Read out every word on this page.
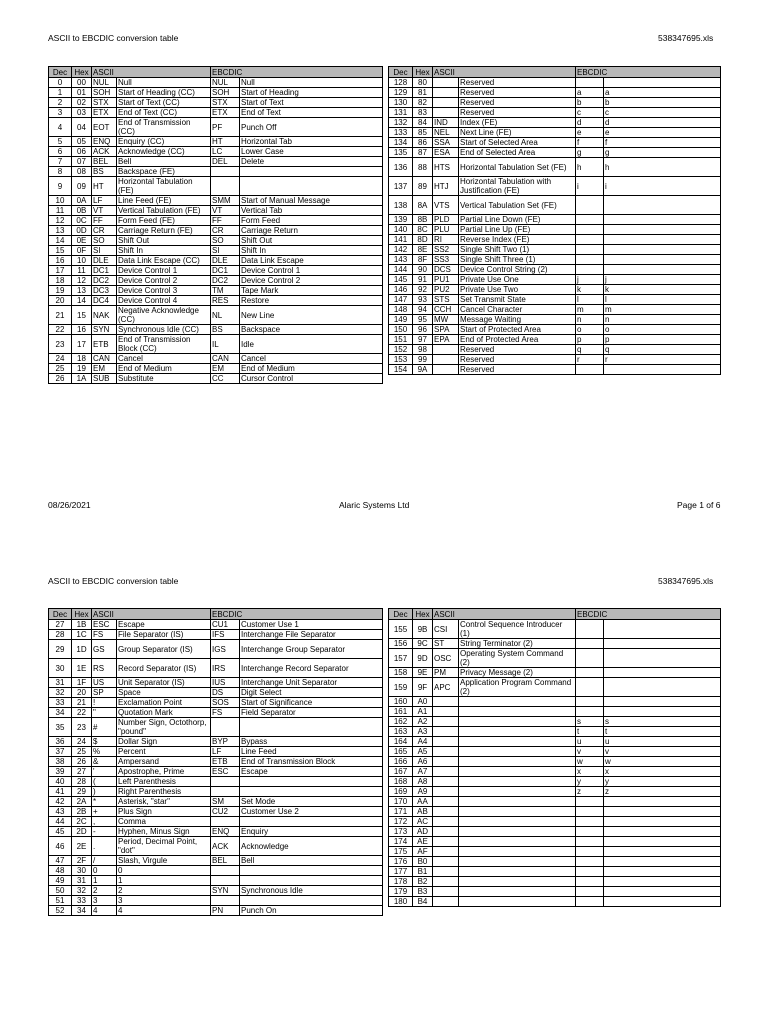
ASCII to EBCDIC conversion table	538347695.xls
Dec	Hex	ASCII		EBCDIC	
0	00	NUL	Null	NUL	Null
1	01	SOH	Start of Heading (CC)	SOH	Start of Heading
2	02	STX	Start of Text (CC)	STX	Start of Text
3	03	ETX	End of Text (CC)	ETX	End of Text
4	04	EOT	End of Transmission (CC)	PF	Punch Off
5	05	ENQ	Enquiry (CC)	HT	Horizontal Tab
6	06	ACK	Acknowledge (CC)	LC	Lower Case
7	07	BEL	Bell	DEL	Delete
8	08	BS	Backspace (FE)		
9	09	HT	Horizontal Tabulation (FE)		
10	0A	LF	Line Feed (FE)	SMM	Start of Manual Message
11	0B	VT	Vertical Tabulation (FE)	VT	Vertical Tab
12	0C	FF	Form Feed (FE)	FF	Form Feed
13	0D	CR	Carriage Return (FE)	CR	Carriage Return
14	0E	SO	Shift Out	SO	Shift Out
15	0F	SI	Shift In	SI	Shift In
16	10	DLE	Data Link Escape (CC)	DLE	Data Link Escape
17	11	DC1	Device Control 1	DC1	Device Control 1
18	12	DC2	Device Control 2	DC2	Device Control 2
19	13	DC3	Device Control 3	TM	Tape Mark
20	14	DC4	Device Control 4	RES	Restore
21	15	NAK	Negative Acknowledge (CC)	NL	New Line
22	16	SYN	Synchronous Idle (CC)	BS	Backspace
23	17	ETB	End of Transmission Block (CC)	IL	Idle
24	18	CAN	Cancel	CAN	Cancel
25	19	EM	End of Medium	EM	End of Medium
26	1A	SUB	Substitute	CC	Cursor Control
Dec	Hex	ASCII		EBCDIC	
128	80		Reserved		
129	81		Reserved	a	a
130	82		Reserved	b	b
131	83		Reserved	c	c
132	84	IND	Index (FE)	d	d
133	85	NEL	Next Line (FE)	e	e
134	86	SSA	Start of Selected Area	f	f
135	87	ESA	End of Selected Area	g	g
136	88	HTS	Horizontal Tabulation Set (FE)	h	h
137	89	HTJ	Horizontal Tabulation with Justification (FE)	i	i
138	8A	VTS	Vertical Tabulation Set (FE)		
139	8B	PLD	Partial Line Down (FE)		
140	8C	PLU	Partial Line Up (FE)		
141	8D	RI	Reverse Index (FE)		
142	8E	SS2	Single Shift Two (1)		
143	8F	SS3	Single Shift Three (1)		
144	90	DCS	Device Control String (2)		
145	91	PU1	Private Use One	j	j
146	92	PU2	Private Use Two	k	k
147	93	STS	Set Transmit State	l	l
148	94	CCH	Cancel Character	m	m
149	95	MW	Message Waiting	n	n
150	96	SPA	Start of Protected Area	o	o
151	97	EPA	End of Protected Area	p	p
152	98		Reserved	q	q
153	99		Reserved	r	r
154	9A		Reserved		
08/26/2021	Alaric Systems Ltd	Page 1 of 6
ASCII to EBCDIC conversion table	538347695.xls
Dec	Hex	ASCII		EBCDIC	
27	1B	ESC	Escape	CU1	Customer Use 1
28	1C	FS	File Separator (IS)	IFS	Interchange File Separator
29	1D	GS	Group Separator (IS)	IGS	Interchange Group Separator
30	1E	RS	Record Separator (IS)	IRS	Interchange Record Separator
31	1F	US	Unit Separator (IS)	IUS	Interchange Unit Separator
32	20	SP	Space	DS	Digit Select
33	21	!	Exclamation Point	SOS	Start of Significance
34	22	"	Quotation Mark	FS	Field Separator
35	23	#	Number Sign, Octothorp, "pound"		
36	24	$	Dollar Sign	BYP	Bypass
37	25	%	Percent	LF	Line Feed
38	26	&	Ampersand	ETB	End of Transmission Block
39	27	'	Apostrophe, Prime	ESC	Escape
40	28	(	Left Parenthesis		
41	29	)	Right Parenthesis		
42	2A	*	Asterisk, "star"	SM	Set Mode
43	2B	+	Plus Sign	CU2	Customer Use 2
44	2C	,	Comma		
45	2D	-	Hyphen, Minus Sign	ENQ	Enquiry
46	2E	.	Period, Decimal Point, "dot"	ACK	Acknowledge
47	2F	/	Slash, Virgule	BEL	Bell
48	30	0	0		
49	31	1	1		
50	32	2	2	SYN	Synchronous Idle
51	33	3	3		
52	34	4	4	PN	Punch On
Dec	Hex	ASCII		EBCDIC	
155	9B	CSI	Control Sequence Introducer (1)		
156	9C	ST	String Terminator (2)		
157	9D	OSC	Operating System Command (2)		
158	9E	PM	Privacy Message (2)		
159	9F	APC	Application Program Command (2)		
160	A0				
161	A1				
162	A2			s	s
163	A3			t	t
164	A4			u	u
165	A5			v	v
166	A6			w	w
167	A7			x	x
168	A8			y	y
169	A9			z	z
170	AA				
171	AB				
172	AC				
173	AD				
174	AE				
175	AF				
176	B0				
177	B1				
178	B2				
179	B3				
180	B4				
